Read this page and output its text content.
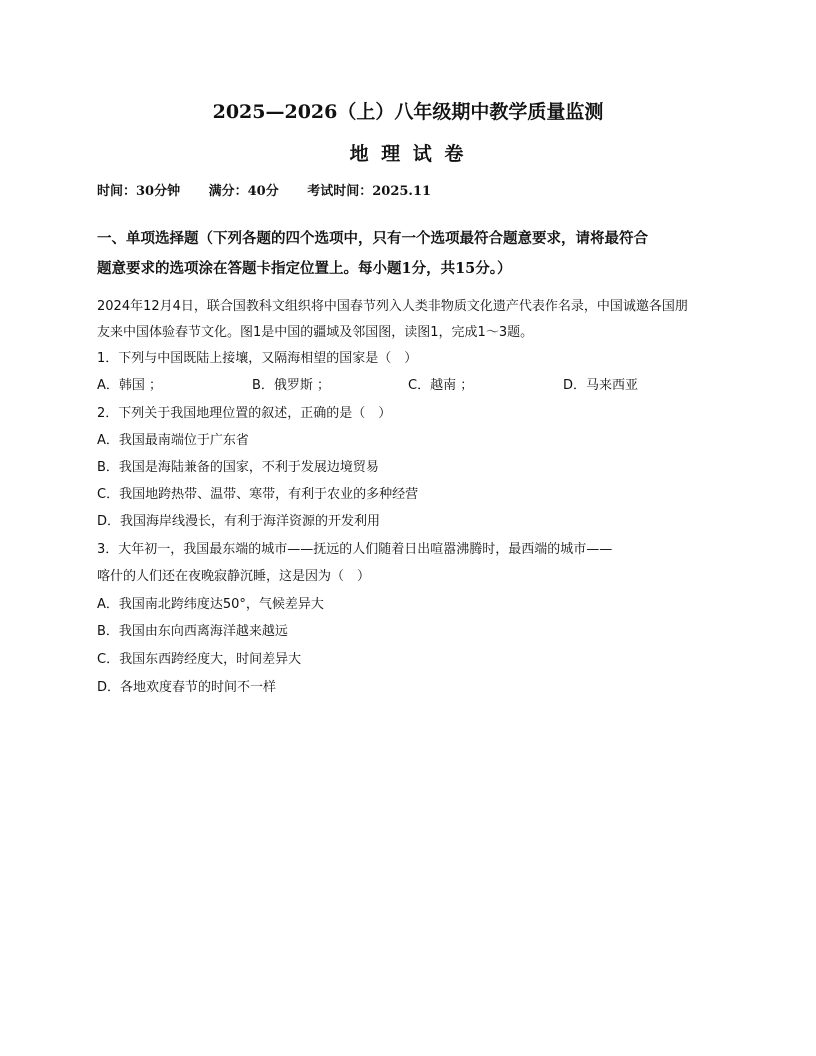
2025—2026（上）八年级期中教学质量监测
地 理 试 卷
时间：30分钟 满分：40分 考试时间：2025.11
一、单项选择题（下列各题的四个选项中，只有一个选项最符合题意要求，请将最符合
题意要求的选项涂在答题卡指定位置上。每小题1分，共15分。）
2024年12月4日，联合国教科文组织将中国春节列入人类非物质文化遗产代表作名录，中国诚邀各国朋
友来中国体验春节文化。图1是中国的疆域及邻国图，读图1，完成1～3题。
1．下列与中国既陆上接壤，又隔海相望的国家是（　）
A．韩国 ；	B．俄罗斯 ；	C．越南 ；	D．马来西亚
2．下列关于我国地理位置的叙述，正确的是（　）
A．我国最南端位于广东省
B．我国是海陆兼备的国家，不利于发展边境贸易
C．我国地跨热带、温带、寒带，有利于农业的多种经营
D．我国海岸线漫长，有利于海洋资源的开发利用
3．大年初一，我国最东端的城市——抚远的人们随着日出喧嚣沸腾时，最西端的城市——
喀什的人们还在夜晚寂静沉睡，这是因为（　）
A．我国南北跨纬度达50°，气候差异大
B．我国由东向西离海洋越来越远
C．我国东西跨经度大，时间差异大
D．各地欢度春节的时间不一样
